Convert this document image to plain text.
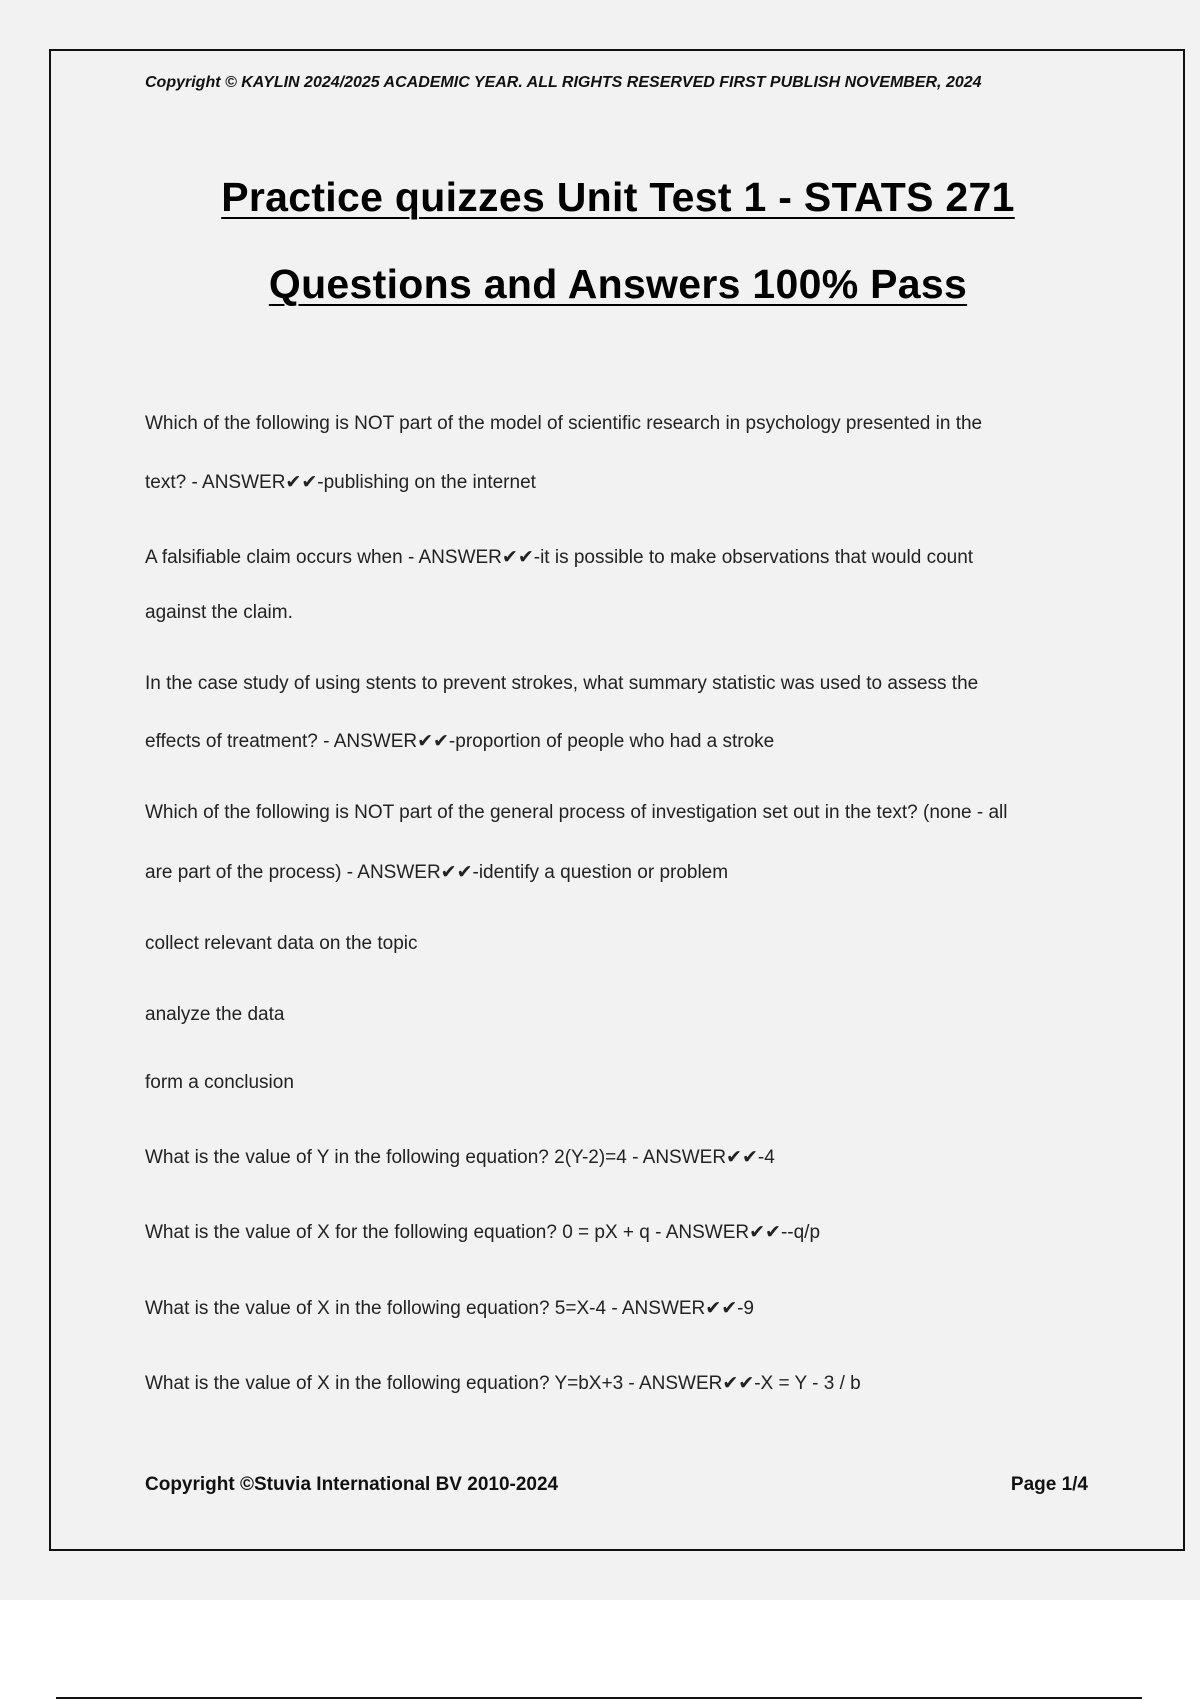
Copyright © KAYLIN 2024/2025 ACADEMIC YEAR. ALL RIGHTS RESERVED FIRST PUBLISH NOVEMBER, 2024
Practice quizzes Unit Test 1 - STATS 271
Questions and Answers 100% Pass
Which of the following is NOT part of the model of scientific research in psychology presented in the
text? - ANSWER✔✔-publishing on the internet
A falsifiable claim occurs when - ANSWER✔✔-it is possible to make observations that would count
against the claim.
In the case study of using stents to prevent strokes, what summary statistic was used to assess the
effects of treatment? - ANSWER✔✔-proportion of people who had a stroke
Which of the following is NOT part of the general process of investigation set out in the text? (none - all
are part of the process) - ANSWER✔✔-identify a question or problem
collect relevant data on the topic
analyze the data
form a conclusion
What is the value of Y in the following equation? 2(Y-2)=4 - ANSWER✔✔-4
What is the value of X for the following equation? 0 = pX + q - ANSWER✔✔--q/p
What is the value of X in the following equation? 5=X-4 - ANSWER✔✔-9
What is the value of X in the following equation? Y=bX+3 - ANSWER✔✔-X = Y - 3 / b
Copyright ©Stuvia International BV 2010-2024	Page 1/4
